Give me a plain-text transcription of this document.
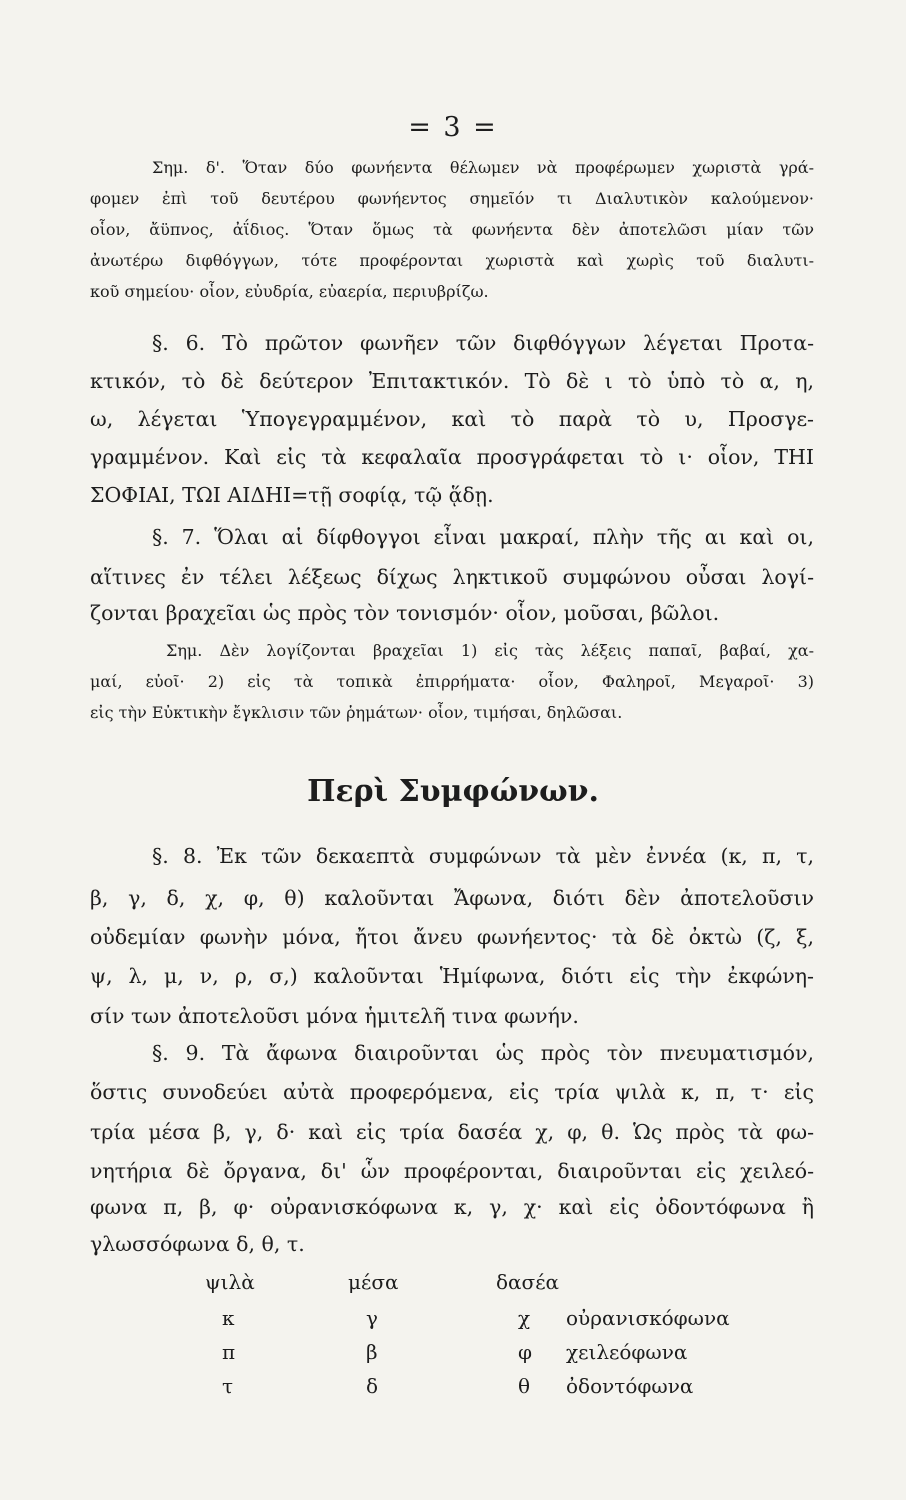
= 3 =
Σημ. δ'. Ὅταν δύο φωνήεντα θέλωμεν νὰ προφέρωμεν χωριστὰ γρά-
φομεν ἐπὶ τοῦ δευτέρου φωνήεντος σημεῖόν τι Διαλυτικὸν καλούμενον·
οἷον, ἄϋπνος, ἀΐδιος. Ὅταν ὅμως τὰ φωνήεντα δὲν ἀποτελῶσι μίαν τῶν
ἀνωτέρω διφθόγγων, τότε προφέρονται χωριστὰ καὶ χωρὶς τοῦ διαλυτι-
κοῦ σημείου· οἷον, εὐυδρία, εὐαερία, περιυβρίζω.
§. 6. Τὸ πρῶτον φωνῆεν τῶν διφθόγγων λέγεται Προτα-
κτικόν, τὸ δὲ δεύτερον Ἐπιτακτικόν. Τὸ δὲ ι τὸ ὑπὸ τὸ α, η,
ω, λέγεται Ὑπογεγραμμένον, καὶ τὸ παρὰ τὸ υ, Προσγε-
γραμμένον. Καὶ εἰς τὰ κεφαλαῖα προσγράφεται τὸ ι· οἷον, ΤΗΙ
ΣΟΦΙΑΙ, ΤΩΙ ΑΙΔΗΙ=τῇ σοφίᾳ, τῷ ᾅδῃ.
§. 7. Ὅλαι αἱ δίφθογγοι εἶναι μακραί, πλὴν τῆς αι καὶ οι,
αἵτινες ἐν τέλει λέξεως δίχως ληκτικοῦ συμφώνου οὖσαι λογί-
ζονται βραχεῖαι ὡς πρὸς τὸν τονισμόν· οἷον, μοῦσαι, βῶλοι.
Σημ. Δὲν λογίζονται βραχεῖαι 1) εἰς τὰς λέξεις παπαῖ, βαβαί, χα-
μαί, εὐοῖ· 2) εἰς τὰ τοπικὰ ἐπιρρήματα· οἷον, Φαληροῖ, Μεγαροῖ· 3)
εἰς τὴν Εὐκτικὴν ἔγκλισιν τῶν ῥημάτων· οἷον, τιμήσαι, δηλῶσαι.
Περὶ Συμφώνων.
§. 8. Ἐκ τῶν δεκαεπτὰ συμφώνων τὰ μὲν ἐννέα (κ, π, τ,
β, γ, δ, χ, φ, θ) καλοῦνται Ἄφωνα, διότι δὲν ἀποτελοῦσιν
οὐδεμίαν φωνὴν μόνα, ἤτοι ἄνευ φωνήεντος· τὰ δὲ ὀκτὼ (ζ, ξ,
ψ, λ, μ, ν, ρ, σ,) καλοῦνται Ἡμίφωνα, διότι εἰς τὴν ἐκφώνη-
σίν των ἀποτελοῦσι μόνα ἡμιτελῆ τινα φωνήν.
§. 9. Τὰ ἄφωνα διαιροῦνται ὡς πρὸς τὸν πνευματισμόν,
ὅστις συνοδεύει αὐτὰ προφερόμενα, εἰς τρία ψιλὰ κ, π, τ· εἰς
τρία μέσα β, γ, δ· καὶ εἰς τρία δασέα χ, φ, θ. Ὡς πρὸς τὰ φω-
νητήρια δὲ ὄργανα, δι' ὧν προφέρονται, διαιροῦνται εἰς χειλεό-
φωνα π, β, φ· οὐρανισκόφωνα κ, γ, χ· καὶ εἰς ὀδοντόφωνα ἢ
γλωσσόφωνα δ, θ, τ.
ψιλὰ	μέσα	δασέα
κ	γ	χ οὐρανισκόφωνα
π	β	φ χειλεόφωνα
τ	δ	θ ὀδοντόφωνα
